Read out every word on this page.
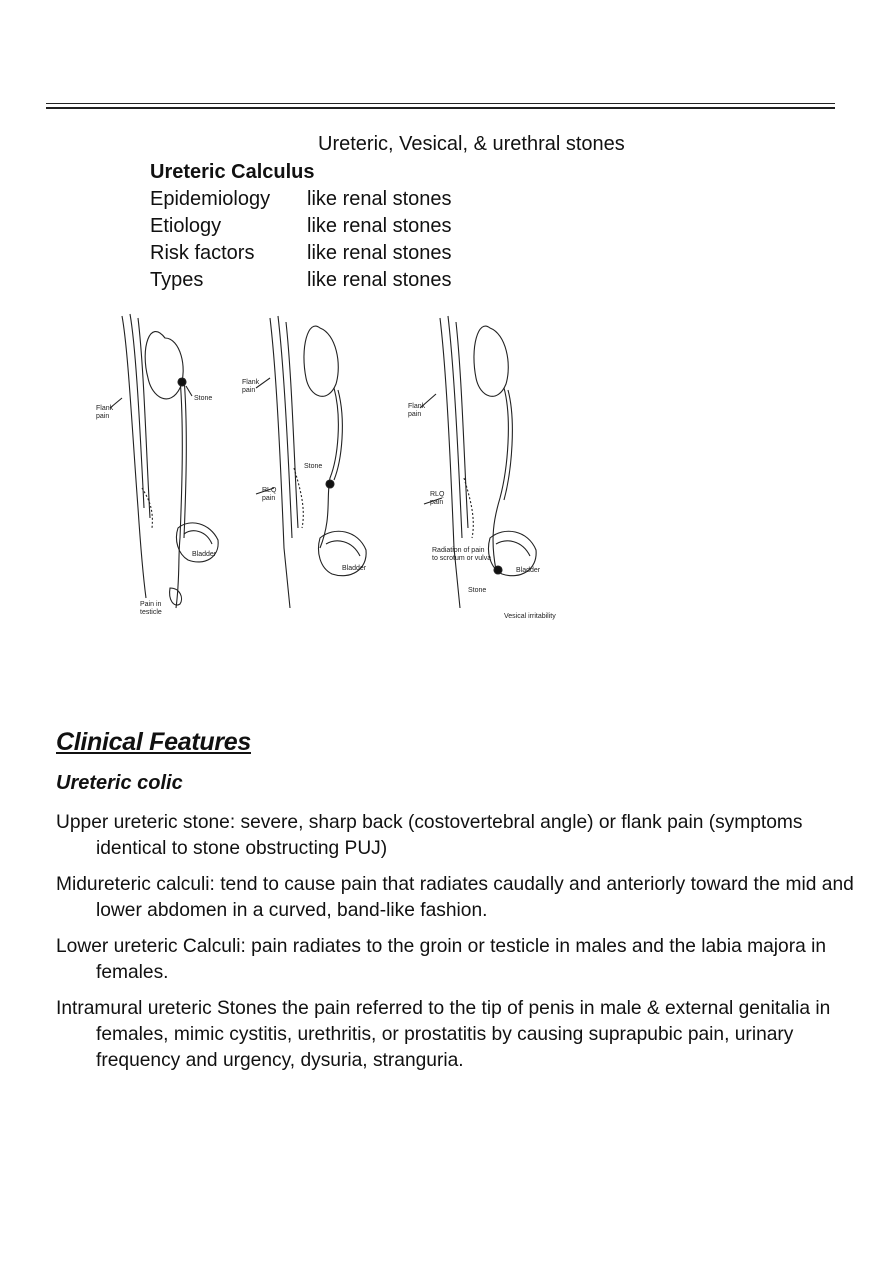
Ureteric, Vesical, & urethral stones
Ureteric Calculus
Epidemiology like renal stones
Etiology	like renal stones
Risk factors	like renal stones
Types	like renal stones
Flank
pain
Stone
Bladder
Pain in
testicle
Flank
pain
Stone
RLQ
pain
Bladder
Flank
pain
RLQ
pain
Radiation of pain
to scrotum or vulva
Bladder
Stone
Vesical irritability
Clinical Features
Ureteric colic
Upper ureteric stone: severe, sharp back (costovertebral angle) or flank pain (symptoms identical to stone obstructing PUJ)
Midureteric calculi: tend to cause pain that radiates caudally and anteriorly toward the mid and lower abdomen in a curved, band-like fashion.
Lower ureteric Calculi: pain radiates to the groin or testicle in males and the labia majora in females.
Intramural ureteric Stones the pain referred to the tip of penis in male & external genitalia in females, mimic cystitis, urethritis, or prostatitis by causing suprapubic pain, urinary frequency and urgency, dysuria, stranguria.
